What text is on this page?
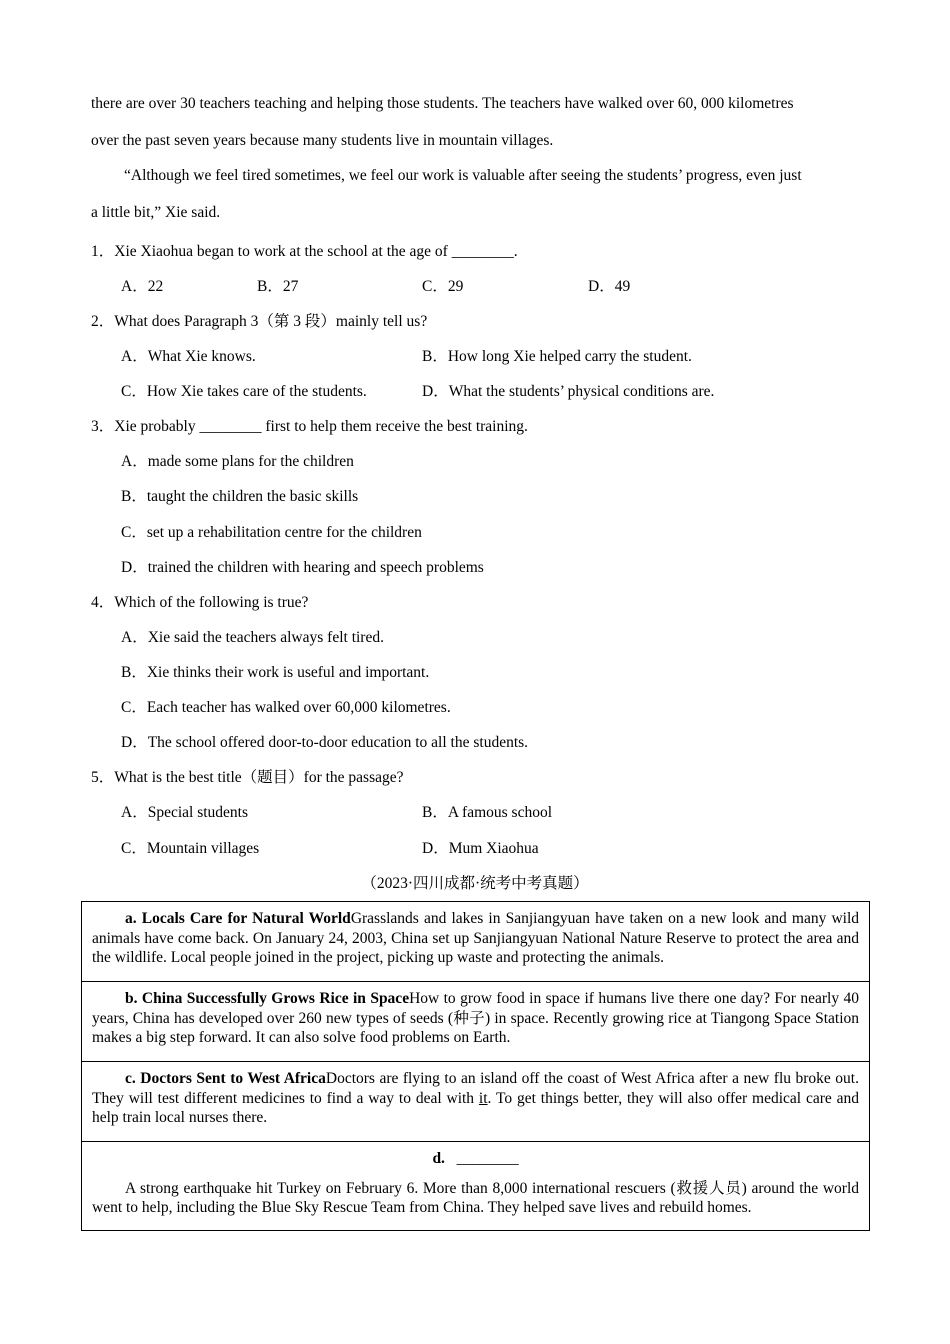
there are over 30 teachers teaching and helping those students. The teachers have walked over 60, 000 kilometres
over the past seven years because many students live in mountain villages.
“Although we feel tired sometimes, we feel our work is valuable after seeing the students’ progress, even just
a little bit,” Xie said.
1．Xie Xiaohua began to work at the school at the age of ________.
A．22	B．27	C．29	D．49
2．What does Paragraph 3（第 3 段）mainly tell us?
A．What Xie knows.	B．How long Xie helped carry the student.
C．How Xie takes care of the students.	D．What the students’ physical conditions are.
3．Xie probably ________ first to help them receive the best training.
A．made some plans for the children
B．taught the children the basic skills
C．set up a rehabilitation centre for the children
D．trained the children with hearing and speech problems
4．Which of the following is true?
A．Xie said the teachers always felt tired.
B．Xie thinks their work is useful and important.
C．Each teacher has walked over 60,000 kilometres.
D．The school offered door-to-door education to all the students.
5．What is the best title（题目）for the passage?
A．Special students	B．A famous school
C．Mountain villages	D．Mum Xiaohua
（2023·四川成都·统考中考真题）
a. Locals Care for Natural WorldGrasslands and lakes in Sanjiangyuan have taken on a new look and many wild animals have come back. On January 24, 2003, China set up Sanjiangyuan National Nature Reserve to protect the area and the wildlife. Local people joined in the project, picking up waste and protecting the animals.
b. China Successfully Grows Rice in SpaceHow to grow food in space if humans live there one day? For nearly 40 years, China has developed over 260 new types of seeds (种子) in space. Recently growing rice at Tiangong Space Station makes a big step forward. It can also solve food problems on Earth.
c. Doctors Sent to West AfricaDoctors are flying to an island off the coast of West Africa after a new flu broke out. They will test different medicines to find a way to deal with it. To get things better, they will also offer medical care and help train local nurses there.

d. ________
A strong earthquake hit Turkey on February 6. More than 8,000 international rescuers (救援人员) around the world went to help, including the Blue Sky Rescue Team from China. They helped save lives and rebuild homes.
